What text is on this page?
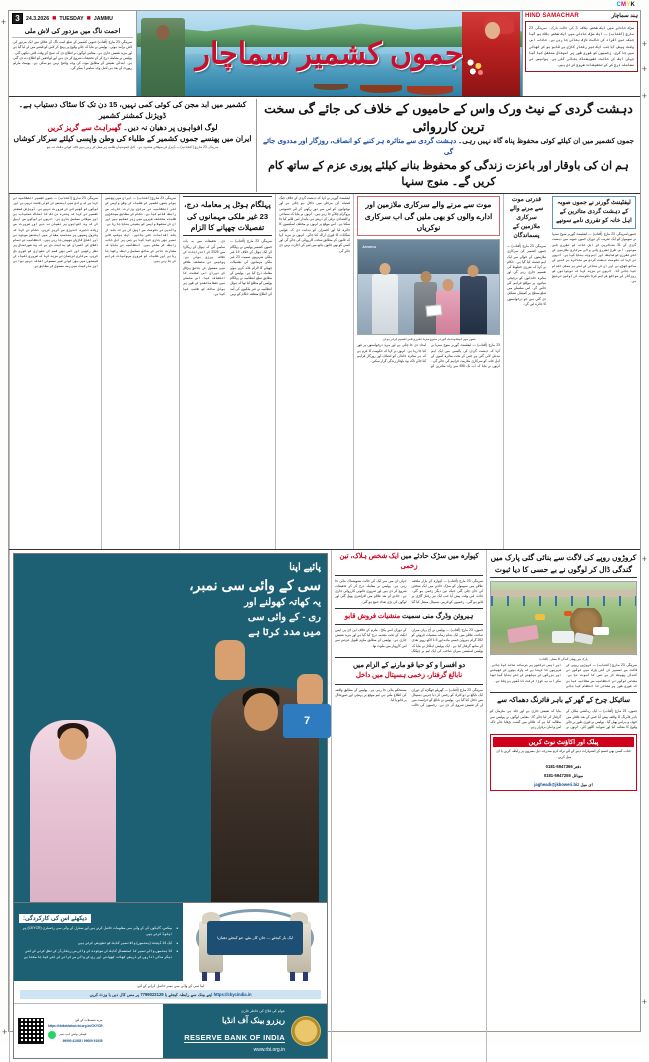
CMYK
+
+
+
+
+
+
+
3	24.3.2026 ■ TUESDAY ■ JAMMU
احمت ناگ میں مزدور کی لاش ملی
سرینگر، 23 مارچ (آفتاب) جنوبی کشمیر کے ضلع اننت ناگ کے علاقے میں ایک مزدور کی لاش برآمد ہوئی۔ پولیس نے بتایا کہ جائے وقوع پر پہنچ کر لاش کو قبضے میں لے لیا گیا ہے اور مزید تفتیش جاری ہے۔ مقامی لوگوں نے اطلاع دی کہ صبح کے وقت لاش دیکھی گئی۔ پولیس نے معاملہ درج کر کے تحقیقات شروع کر دی ہیں اور لواحقین کو اطلاع دے دی گئی ہے۔ ابتدائی تفتیش کے مطابق موت کی وجہ واضح نہیں ہو سکی ہے۔ پوسٹ مارٹم رپورٹ کے بعد ہی اصل وجہ سامنے آ سکے گی۔	جموں کشمیر سماچار
HIND SAMACHAR	ہند سماچار
سڑک حادثے میں ایک شخص ہلاک، 3 کی حالت نازک۔ سرینگر، 23 مارچ (آفتاب) — ایک سڑک حادثے میں ایک شخص ہلاک ہو گیا جبکہ تین افراد کی حالت نازک بتائی جا رہی ہے۔ حادثہ اس وقت پیش آیا جب ایک تیز رفتار گاڑی بے قابو ہو کر کھائی میں جا گری۔ زخمیوں کو فوری طور پر اسپتال منتقل کیا گیا جہاں ایک کی حالت تشویشناک بتائی گئی ہے۔ پولیس نے معاملہ درج کر کے تحقیقات شروع کر دی ہیں۔
کشمیر میں ابد مجن کی کوئی کمی نہیں، 15 دن تک کا سٹاک دستیاب ہے۔ ڈویژنل کمشنر کشمیر
لوگ افواہوں پر دھیان نہ دیں۔ گھبراہٹ سے گریز کریں
ایران میں پھنسے جموں کشمیر کے طلباء کی وطن واپسی کیلئے سرکار کوشاں
سرینگر، 23 مارچ (آفتاب) — ڈیزل کی سپلائی محدود ہے، آئل کمپنیاں طلب پر عمل کر رہی ہیں تاکہ کوئی دقت نہ ہو
دہشت گردی کے نیٹ ورک واس کے حامیوں کے خلاف کی جائے گی سخت ترین کارروائی
جموں کشمیر میں ان کیلئے کوئی محفوظ پناہ گاہ نہیں رہی۔ دہشت گردی سے متاثرہ ہر کنبے کو انصاف، روزگار اور مددوی جائے گی
ہم ان کی باوقار اور باعزت زندگی کو محفوظ بنانے کیلئے پوری عزم کے ساتھ کام کریں گے۔ منوج سنہا
سرینگر، 23 مارچ (آفتاب) — جموں کشمیر انتظامیہ نے کہا ہے کہ وادی میں ایندھن کی کوئی قلت نہیں ہے اور لوگوں کو گھبرانے کی ضرورت نہیں ہے۔ ڈویژنل کمشنر کشمیر نے کہا کہ پندرہ دن تک کا اسٹاک دستیاب ہے اور سپلائی مسلسل جاری ہے۔ انہوں نے لوگوں سے اپیل کی کہ وہ افواہوں پر دھیان نہ دیں اور ضرورت سے زیادہ ذخیرہ اندوزی سے گریز کریں۔ حکام نے کہا کہ پٹرول پمپوں پر مناسب مقدار میں ایندھن موجود ہے اور اضافی گاڑیاں بھیجی جا رہی ہیں۔ انتظامیہ نے تمام اضلاع کے افسران کو ہدایت دی ہے کہ وہ صورتحال پر نظر رکھیں اور کسی بھی قسم کی دشواری کو فوری حل کریں۔ سرکاری ترجمان نے مزید کہا کہ ضروری اشیاء کی قیمتوں میں بھی کوئی غیر معمولی اضافہ نہیں ہوا ہے اور مارکیٹ میں رسد معمول کے مطابق ہے۔
سرینگر، 23 مارچ (آفتاب) — ایران میں پھنسے ہوئے جموں کشمیر کے طلباء کی وطن واپسی کے لئے انتظامیہ نے مرکزی وزارت خارجہ سے رابطہ قائم کیا ہے۔ حکام کے مطابق سینکڑوں طلباء مختلف شہروں میں زیر تعلیم ہیں اور ان کی محفوظ واپسی کو یقینی بنایا جا رہا ہے۔ والدین نے حکومت سے اپیل کی ہے کہ جلد از جلد اقدامات کئے جائیں۔ ایک ہیلپ لائن نمبر بھی جاری کیا گیا ہے جس پر اہل خانہ رابطہ کر سکتے ہیں۔ انتظامیہ نے بتایا کہ سفارت خانے کے ساتھ مسلسل رابطہ رکھا جا رہا ہے اور طلباء کو ضروری سہولیات فراہم کی جا رہی ہیں۔
پہلگام ہوٹل پر معاملہ درج، 23 غیر ملکی مہمانوں کی تفصیلات چھپانے کا الزام
سرینگر، 23 مارچ (آفتاب) — جموں کشمیر پولیس نے پہلگام کے ایک ہوٹل کے خلاف 19 غیر ملکی شہریوں سمیت 23 غیر ملکی مہمانوں کی تفصیلات چھپانے کا الزام عائد کرتے ہوئے معاملہ درج کیا ہے۔ پولیس کے مطابق ضلع انتظامیہ نے پہلگام پولیس کو مطلع کیا تھا کہ ہوٹل انتظامیہ نے غیر ملکیوں کی آمد کی اطلاع متعلقہ حکام کو نہیں دی۔ تحقیقات میں یہ بات سامنے آئی کہ ہوٹل کے ریکارڈ میں 2025 کے اندراجات کی خلاف ورزی ہوئی ہے۔ پولیس نے متعلقہ علاقے میں معمول کی جانچ پڑتال کے دوران اس غفلت کا انکشاف کیا۔ اس سلسلے میں حفظ ماتقدم کے طور پر ہوٹل مالک کو طلب کیا گیا ہے۔
لیفٹیننٹ گورنر نے کہا کہ دہشت گردی کے خلاف جنگ فیصلہ کن مرحلے میں داخل ہو چکی ہے اور نوجوانوں کو اس سے دور رکھنے کے لئے خصوصی پروگرام چلائے جا رہے ہیں۔ انہوں نے بتایا کہ سماجی و اقتصادی ترقی کے ذریعے ہی پائیدار امن قائم کیا جا سکتا ہے۔ اس موقع پر انہوں نے مختلف اسکیموں کا جائزہ لیا اور افسران کو ہدایت دی کہ عوامی شکایات کا فوری ازالہ کیا جائے۔ انہوں نے مزید کہا کہ قانون کے مطابق سخت کارروائی کی جائے گی اور کسی کو بھی قانون ہاتھ میں لینے کی اجازت نہیں دی جائے گی۔
موت سے مرنے والے سرکاری ملازمین اور ادارے والوں کو بھی ملیں گی اب سرکاری نوکریاں
Jammu
جموں میں لیفٹیننٹ گورنر منوج سنہا تقرری نامے تقسیم کرتے ہوئے۔
23 مارچ (آفتاب) — لیفٹیننٹ گورنر منوج سنہا نے کہا کہ دہشت گردی کی پالیسی میں ایک اہم تبدیلی لائی گئی ہے جس کے تحت متاثرہ کنبوں کے اہل خانہ کو سرکاری ملازمت فراہم کی جائے گی۔ انہوں نے بتایا کہ اب تک 458 سے زائد متاثرین کو امداد دی جا چکی ہے اور مزید درخواستوں پر غور کیا جا رہا ہے۔ انہوں نے کہا کہ حکومت کا عزم ہے کہ ہر متاثرہ خاندان کو انصاف اور روزگار فراہم کیا جائے تاکہ وہ باوقار زندگی گزار سکیں۔
قدرتی موت سے مرنے والے سرکاری ملازمین کے پسماندگان
سرینگر، 23 مارچ (آفتاب) — جموں کشمیر کی سرکاری ملازمتوں کے حوالے سے ایک اہم فیصلہ کیا گیا ہے۔ حکام نے کہا کہ تقرری خطوط کی تقسیم جاری رہے گی اور متاثرہ خاندانوں کو ترجیحی بنیادوں پر مواقع فراہم کئے جائیں گے۔ اس سلسلے میں ضلع سطح پر کمیٹیاں تشکیل دی گئی ہیں جو درخواستوں کا جائزہ لیں گی۔
لیفٹیننٹ گورنر نے جموں صوبہ کے دہشت گردی متاثرین کے اہل خانہ کو تقرری نامے سونپے
جموں/سرینگر، 23 مارچ (آفتاب) — لیفٹیننٹ گورنر منوج سنہا نے سوموار کو ایک تقریب کے دوران جموں صوبہ میں دہشت گردی کے 31 متاثرین کے اہل خانہ کو تقرری نامے سونپے۔ اس طرح تقرری پانے والے سرکاری ملازمین کے لئے تقرری کو ضابطہ اور اہم وجہ بنایا گیا ہے۔ انہوں نے کہا کہ حکومت دہشت گردی سے متاثرہ ہر کنبے کے ساتھ کھڑی ہے اور ان کی بحالی کے لئے ہر ممکن اقدام کیا جائے گا۔ انہوں نے مزید کہا کہ نوجوانوں کو روزگار کے مواقع فراہم کرنا حکومت کی اولین ترجیح ہے۔
پائیے اپنا
سی کے وائی سی نمبر،
یہ کھاتہ کھولنے اور
ری - کے وائی سی
میں مدد کرتا ہے
7
دیکھئے اس کی کارکردگی:
• بینکس، گاہکوں کی کے وائی سی معلومات حاصل کرتے ہیں اور سنٹرل کے وائی سی رجسٹری (CKYCR) پر اپلوڈ کرتے ہیں
• ایک 14 ڈیجٹ (ہندسوں) والا نمبر گاہک کو تفویض کرتے ہیں
• 14 ہندسوں والے نمبر کا استعمال گاہک کی موجودہ کے وائی سی ریکارڈز کی نقل کرنے کے لئے دیگر مالی اداروں کے ذریعے کھاتہ کھولنے اور ری-کے وائی سی کرانے کے لئے کیا جا سکتا ہے
ایک بار کیجئے — جان کار بنئے، جو کیجئے دھیان!
اپنا سی کے وائی سی نمبر حاصل کرانے کے لئے:
https://ckycindia.in اپنے بینک سے رابطہ کیجئے یا 7799022129 پر مس کال دیں یا وزٹ کریں
مزید تفصیلات کے لئے:
https://rbikehtahai.rbi.org.in/CKYCR
فیملی وٹس ایپ نمبر
99990 41935 / 99009 91935
عوام کی فلاح کی خاطر جاری
ریزرو بینک آف انڈیا
RESERVE BANK OF INDIA
www.rbi.org.in
کپوارہ میں سڑک حادثے میں ایک شخص ہلاک، تین زخمی
سرینگر، 23 مارچ (آفتاب) — کپوارہ کے بازار ملحقہ علاقے میں سوموار کو سڑک حادثے میں ایک شخص کی جان چلی گئی جبکہ تین دیگر زخمی ہو گئے۔ حادثہ اس وقت پیش آیا جب ایک تیز رفتار گاڑی بے قابو ہو گئی۔ زخمیوں کو قریبی ہسپتال منتقل کیا گیا جہاں ان میں سے ایک کی حالت تشویشناک بتائی جا رہی ہے۔ پولیس نے معاملہ درج کر کے تحقیقات شروع کر دی ہیں اور ضروری قانونی کارروائی جاری ہے۔ حادثے کے بعد علاقے میں افراتفری پھیل گئی اور لوگوں کی بڑی تعداد جمع ہو گئی۔
ہیروئن وڈرگ منی سمیت منشیات فروش قابو
جموں، 23 مارچ (آفتاب) — پولیس نے آج یہاں میران صاحب علاقے میں ایک بدنام زمانہ منشیات فروش کو 262 گرام ہیروئن جیسے مادے اور 1.5 لاکھ روپے نقدی کے ساتھ گرفتار کیا ہے۔ ایک پولیس اہلکار نے بتایا کہ پولیس اسٹیشن میران صاحب کی ایک ٹیم نے چیکنگ کے دوران اسے پکڑا۔ ملزم کے خلاف این ڈی پی ایس ایکٹ کے تحت مقدمہ درج کیا گیا ہے اور مزید تفتیش جاری ہے۔ پولیس کے مطابق ملزم طویل عرصے سے اس کاروبار میں ملوث تھا۔
دو افسرا و کو حیا قو مارنے کے الزام میں
نابالغ گرفتار، زخمی ہسپتال میں داخل
سرینگر، 23 مارچ (آفتاب) — گھریلو جھگڑے کے دوران ایک نابالغ نے دو افراد کو زخمی کر دیا جنہیں ہسپتال میں داخل کیا گیا ہے۔ پولیس نے نابالغ کو حراست میں لے کر تفتیش شروع کر دی ہے۔ زخمیوں کی حالت مستحکم بتائی جا رہی ہے۔ پولیس کے مطابق واقعہ کی اطلاع ملتے ہی ٹیم موقع پر پہنچی اور صورتحال پر قابو پا لیا۔
کروڑوں روپے کی لاگت سے بنائی گئی پارک میں گندگی ڈال کر لوگوں نے بے حسی کا دیا ثبوت
پارک میں پھیلی گندگی کا منظر۔ (آفتاب)
سرینگر، 23 مارچ (آفتاب) — کروڑوں روپے کی لاگت سے تعمیر کی گئی پارک میں لوگوں نے گندگی پھینک کر بے حسی کا ثبوت دیا ہے۔ مقامی لوگوں نے انتظامیہ سے مطالبہ کیا ہے کہ فوری طور پر صفائی کا انتظام کیا جائے اور ایسی حرکتوں پر جرمانہ عائد کیا جائے۔ شہریوں کا کہنا ہے کہ پارک بچوں کے کھیلنے اور بزرگوں کے بیٹھنے کے لئے بنایا گیا تھا مگر اب یہ کوڑا کرکٹ کا ڈھیر بن چکا ہے۔
سائیکل چرخ کے گھر کے باہر فائرنگ دھماکہ سے
جموں، 23 مارچ (آفتاب) — ایک رہائشی مکان کے باہر فائرنگ کا واقعہ پیش آیا جس کے بعد علاقے میں خوف و ہراس پھیل گیا۔ پولیس نے فوری طور پر جائے وقوع کا معائنہ کیا اور شواہد اکٹھے کئے۔ انہوں نے بتایا کہ تفتیش جاری ہے اور جلد ہی ملزمان کو گرفتار کر لیا جائے گا۔ مقامی لوگوں نے پولیس سے مطالبہ کیا ہے کہ علاقے میں گشت بڑھایا جائے تاکہ امن و امان برقرار رہے۔
پبلک اور اکاؤنٹ نوٹ کریں
جناب کسی بھی قسم کے اشتہارات دینے کے لئے براہ کرم مندرجہ ذیل نمبروں پر رابطہ کریں یا ای میل کریں۔
دفتر 0181-5947366
موبائل 0181-5947255
ای میل jagheadi@jkboweri.biz
